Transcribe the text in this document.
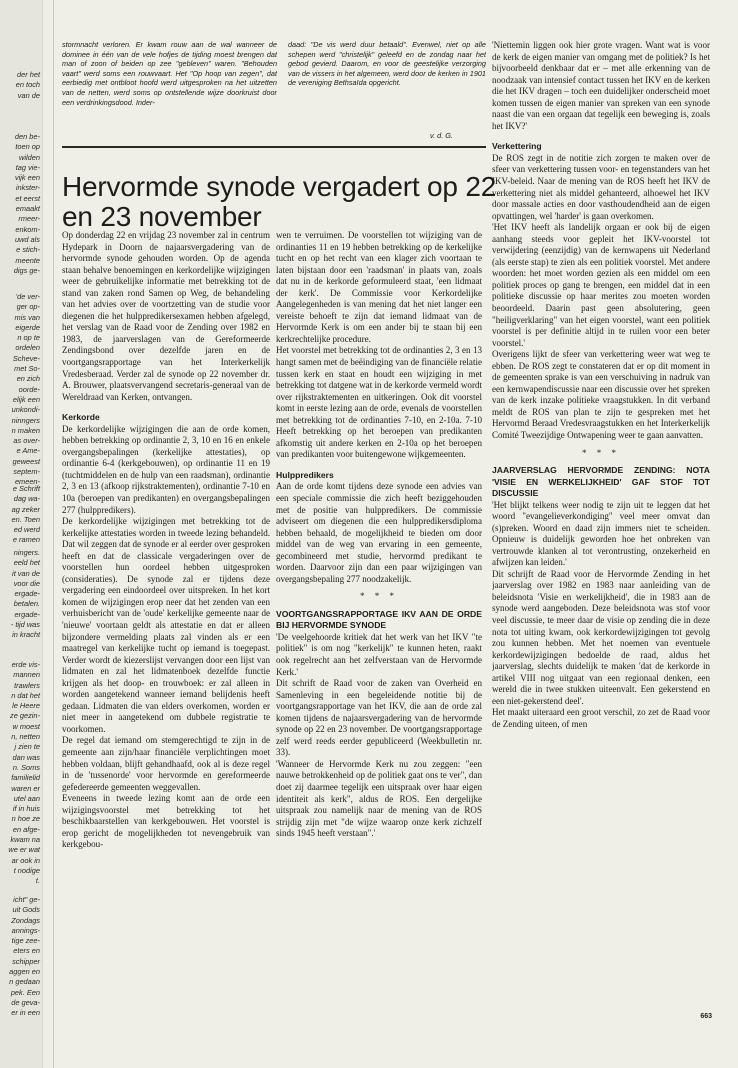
der het
en toch
van de
den be-
toen op
wilden
tag vie-
vijk een
inkster-
et eerst
emaakt
rmeer-
enkom-
uwd als
e stich-
meente
digs ge-
'de ver-
ger op-
mis van
eigerde
n op te
ordelen
Scheve-
met So-
en zich
oorde-
elijk een
unkondi-
ninngers
n maken
as over-
e Ame-
geweest
septem-
emeen-
e Schrift
dag wa-
ag zeker
en. Toen
ed werd
e ramen
ningers.
eeld het
it van de
voor die
ergade-
betalen.
ergade-
- tijd was
in kracht
erde vis-
mannen
trawlers
n dat het
le Heere
ze gezin-
w moest
n, netten
j zien te
dan was
n. Soms
familielid
waren er
utel aan
if in huis
n hoe ze
en afge-
kwam na
we er wat
ar ook in
t nodige
t.
icht" ge-
uit Gods
Zondags
annings-
tige zee-
eters en
schipper
aggen en
n gedaan
pek. Een
de geva-
er in een
stormnacht verloren. Er kwam rouw aan de wal wanneer de dominee in één van de vele hofjes de tijding moest brengen dat man of zoon of beiden op zee "gebleven" waren. "Behouden vaart" werd soms een rouwvaart. Het "Op hoop van zegen", dat eerbiedig met ontbloot hoofd werd uitgesproken na het uitzetten van de netten, werd soms op ontstellende wijze doorkruist door een verdrinkingsdood. Inder-
daad: "De vis werd duur betaald". Evenwel, niet op alle schepen werd "christelijk" geleefd en de zondag naar het gebod gevierd. Daarom, en voor de geestelijke verzorging van de vissers in het algemeen, werd door de kerken in 1901 de vereniging Bethsaïda opgericht.
v. d. G.
Hervormde synode vergadert op 22 en 23 november

Op donderdag 22 en vrijdag 23 november zal in centrum Hydepark in Doorn de najaarsvergadering van de hervormde synode gehouden worden. Op de agenda staan behalve benoemingen en kerkordelijke wijzigingen weer de gebruikelijke informatie met betrekking tot de stand van zaken rond Samen op Weg, de behandeling van het advies over de voortzetting van de studie voor diegenen die het hulppredikersexamen hebben afgelegd, het verslag van de Raad voor de Zending over 1982 en 1983, de jaarverslagen van de Gereformeerde Zendingsbond over dezelfde jaren en de voortgangsrapportage van het Interkerkelijk Vredesberaad. Verder zal de synode op 22 november dr. A. Brouwer, plaatsvervangend secretaris-generaal van de Wereldraad van Kerken, ontvangen.

Kerkorde

De kerkordelijke wijzigingen die aan de orde komen, hebben betrekking op ordinantie 2, 3, 10 en 16 en enkele overgangsbepalingen (kerkelijke attestaties), op ordinantie 6-4 (kerkgebouwen), op ordinantie 11 en 19 (tuchtmiddelen en de hulp van een raadsman), ordinantie 2, 3 en 13 (afkoop rijkstraktementen), ordinantie 7-10 en 10a (beroepen van predikanten) en overgangsbepalingen 277 (hulppredikers).

De kerkordelijke wijzigingen met betrekking tot de kerkelijke attestaties worden in tweede lezing behandeld. Dat wil zeggen dat de synode er al eerder over gesproken heeft en dat de classicale vergaderingen over de voorstellen hun oordeel hebben uitgesproken (consideraties). De synode zal er tijdens deze vergadering een eindoordeel over uitspreken. In het kort komen de wijzigingen erop neer dat het zenden van een verhuisbericht van de 'oude' kerkelijke gemeente naar de 'nieuwe' voortaan geldt als attestatie en dat er alleen bijzondere vermelding plaats zal vinden als er een maatregel van kerkelijke tucht op iemand is toegepast. Verder wordt de kiezerslijst vervangen door een lijst van lidmaten en zal het lidmatenboek dezelfde functie krijgen als het doop- en trouwboek: er zal alleen in worden aangetekend wanneer iemand belijdenis heeft gedaan. Lidmaten die van elders overkomen, worden er niet meer in aangetekend om dubbele registratie te voorkomen.

De regel dat iemand om stemgerechtigd te zijn in de gemeente aan zijn/haar financiële verplichtingen moet hebben voldaan, blijft gehandhaafd, ook al is deze regel in de 'tussenorde' voor hervormde en gereformeerde gefedereerde gemeenten weggevallen.

Eveneens in tweede lezing komt aan de orde een wijzigingsvoorstel met betrekking tot het beschikbaarstellen van kerkgebouwen. Het voorstel is erop gericht de mogelijkheden tot nevengebruik van kerkgebou-

wen te verruimen. De voorstellen tot wijziging van de ordinanties 11 en 19 hebben betrekking op de kerkelijke tucht en op het recht van een klager zich voortaan te laten bijstaan door een 'raadsman' in plaats van, zoals dat nu in de kerkorde geformuleerd staat, 'een lidmaat der kerk'. De Commissie voor Kerkordelijke Aangelegenheden is van mening dat het niet langer een vereiste behoeft te zijn dat iemand lidmaat van de Hervormde Kerk is om een ander bij te staan bij een kerkrechtelijke procedure.

Het voorstel met betrekking tot de ordinanties 2, 3 en 13 hangt samen met de beëindiging van de financiële relatie tussen kerk en staat en houdt een wijziging in met betrekking tot datgene wat in de kerkorde vermeld wordt over rijkstraktementen en uitkeringen. Ook dit voorstel komt in eerste lezing aan de orde, evenals de voorstellen met betrekking tot de ordinanties 7-10, en 2-10a. 7-10 Heeft betrekking op het beroepen van predikanten afkomstig uit andere kerken en 2-10a op het beroepen van predikanten voor buitengewone wijkgemeenten.

Hulppredikers

Aan de orde komt tijdens deze synode een advies van een speciale commissie die zich heeft beziggehouden met de positie van hulppredikers. De commissie adviseert om diegenen die een hulppredikersdiploma hebben behaald, de mogelijkheid te bieden om door middel van de weg van ervaring in een gemeente, gecombineerd met studie, hervormd predikant te worden. Daarvoor zijn dan een paar wijzigingen van overgangsbepaling 277 noodzakelijk.

* * *

VOORTGANGSRAPPORTAGE IKV AAN DE ORDE BIJ HERVORMDE SYNODE

'De veelgehoorde kritiek dat het werk van het IKV "te politiek" is om nog "kerkelijk" te kunnen heten, raakt ook regelrecht aan het zelfverstaan van de Hervormde Kerk.'

Dit schrift de Raad voor de zaken van Overheid en Samenleving in een begeleidende notitie bij de voortgangsrapportage van het IKV, die aan de orde zal komen tijdens de najaarsvergadering van de hervormde synode op 22 en 23 november. De voortgangsrapportage zelf werd reeds eerder gepubliceerd (Weekbulletin nr. 33).

'Wanneer de Hervormde Kerk nu zou zeggen: "een nauwe betrokkenheid op de politiek gaat ons te ver", dan doet zij daarmee tegelijk een uitspraak over haar eigen identiteit als kerk", aldus de ROS. Een dergelijke uitspraak zou namelijk naar de mening van de ROS strijdig zijn met "de wijze waarop onze kerk zichzelf sinds 1945 heeft verstaan".'

'Niettemin liggen ook hier grote vragen. Want wat is voor de kerk de eigen manier van omgang met de politiek? Is het bijvoorbeeld denkbaar dat er – met alle erkenning van de noodzaak van intensief contact tussen het IKV en de kerken die het IKV dragen – toch een duidelijker onderscheid moet komen tussen de eigen manier van spreken van een synode naast die van een orgaan dat tegelijk een beweging is, zoals het IKV?'

Verkettering

De ROS zegt in de notitie zich zorgen te maken over de sfeer van verkettering tussen voor- en tegenstanders van het IKV-beleid. Naar de mening van de ROS heeft het IKV de verkettering niet als middel gehanteerd, alhoewel het IKV door massale acties en door vasthoudendheid aan de eigen opvattingen, wel 'harder' is gaan overkomen.

'Het IKV heeft als landelijk orgaan er ook bij de eigen aanhang steeds voor gepleit het IKV-voorstel tot verwijdering (eenzijdig) van de kernwapens uit Nederland (als eerste stap) te zien als een politiek voorstel. Met andere woorden: het moet worden gezien als een middel om een politiek proces op gang te brengen, een middel dat in een politieke discussie op haar merites zou moeten worden beoordeeld. Daarin past geen absolutering, geen "heiligverklaring" van het eigen voorstel, want een politiek voorstel is per definitie altijd in te ruilen voor een beter voorstel.'

Overigens lijkt de sfeer van verkettering weer wat weg te ebben. De ROS zegt te constateren dat er op dit moment in de gemeenten sprake is van een verschuiving in nadruk van een kernwapendiscussie naar een discussie over het spreken van de kerk inzake politieke vraagstukken. In dit verband meldt de ROS van plan te zijn te gespreken met het Hervormd Beraad Vredesvraagstukken en het Interkerkelijk Comité Tweezijdige Ontwapening weer te gaan aanvatten.

* * *

JAARVERSLAG HERVORMDE ZENDING: NOTA 'VISIE EN WERKELIJKHEID' GAF STOF TOT DISCUSSIE

'Het blijkt telkens weer nodig te zijn uit te leggen dat het woord "evangelieverkondiging" veel meer omvat dan (s)preken. Woord en daad zijn immers niet te scheiden. Opnieuw is duidelijk geworden hoe het onbreken van vertrouwde klanken al tot verontrusting, onzekerheid en afwijzen kan leiden.'

Dit schrijft de Raad voor de Hervormde Zending in het jaarverslag over 1982 en 1983 naar aanleiding van de beleidsnota 'Visie en werkelijkheid', die in 1983 aan de synode werd aangeboden. Deze beleidsnota was stof voor veel discussie, te meer daar de visie op zending die in deze nota tot uiting kwam, ook kerkordewijzigingen tot gevolg zou kunnen hebben. Met het noemen van eventuele kerkordewijzigingen bedoelde de raad, aldus het jaarverslag, slechts duidelijk te maken 'dat de kerkorde in artikel VIII nog uitgaat van een regionaal denken, een wereld die in twee stukken uiteenvalt. Een gekerstend en een niet-gekerstend deel'.

Het maakt uiteraard een groot verschil, zo zet de Raad voor de Zending uiteen, of men

663
